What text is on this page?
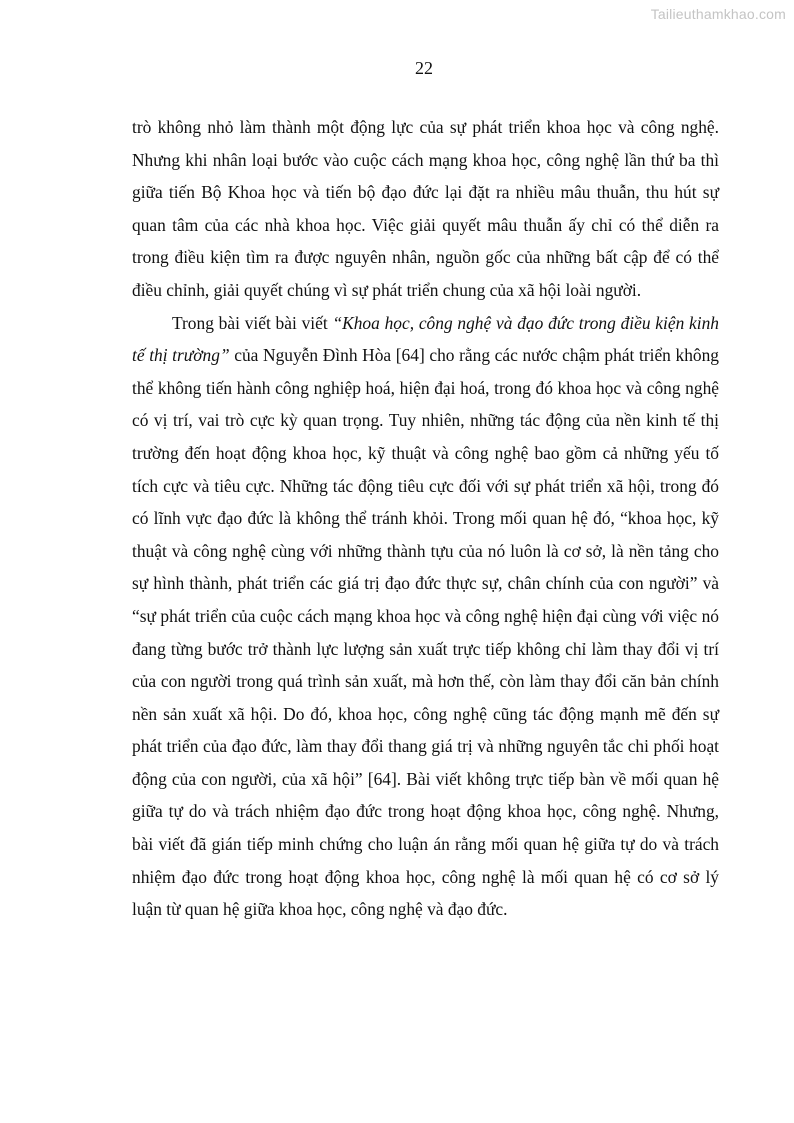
Tailieuthamkhao.com
22

trò không nhỏ làm thành một động lực của sự phát triển khoa học và công nghệ. Nhưng khi nhân loại bước vào cuộc cách mạng khoa học, công nghệ lần thứ ba thì giữa tiến Bộ Khoa học và tiến bộ đạo đức lại đặt ra nhiều mâu thuẫn, thu hút sự quan tâm của các nhà khoa học. Việc giải quyết mâu thuẫn ấy chỉ có thể diễn ra trong điều kiện tìm ra được nguyên nhân, nguồn gốc của những bất cập để có thể điều chỉnh, giải quyết chúng vì sự phát triển chung của xã hội loài người.

Trong bài viết bài viết “Khoa học, công nghệ và đạo đức trong điều kiện kinh tế thị trường” của Nguyễn Đình Hòa [64] cho rằng các nước chậm phát triển không thể không tiến hành công nghiệp hoá, hiện đại hoá, trong đó khoa học và công nghệ có vị trí, vai trò cực kỳ quan trọng. Tuy nhiên, những tác động của nền kinh tế thị trường đến hoạt động khoa học, kỹ thuật và công nghệ bao gồm cả những yếu tố tích cực và tiêu cực. Những tác động tiêu cực đối với sự phát triển xã hội, trong đó có lĩnh vực đạo đức là không thể tránh khỏi. Trong mối quan hệ đó, “khoa học, kỹ thuật và công nghệ cùng với những thành tựu của nó luôn là cơ sở, là nền tảng cho sự hình thành, phát triển các giá trị đạo đức thực sự, chân chính của con người” và “sự phát triển của cuộc cách mạng khoa học và công nghệ hiện đại cùng với việc nó đang từng bước trở thành lực lượng sản xuất trực tiếp không chỉ làm thay đổi vị trí của con người trong quá trình sản xuất, mà hơn thế, còn làm thay đổi căn bản chính nền sản xuất xã hội. Do đó, khoa học, công nghệ cũng tác động mạnh mẽ đến sự phát triển của đạo đức, làm thay đổi thang giá trị và những nguyên tắc chi phối hoạt động của con người, của xã hội” [64]. Bài viết không trực tiếp bàn về mối quan hệ giữa tự do và trách nhiệm đạo đức trong hoạt động khoa học, công nghệ. Nhưng, bài viết đã gián tiếp minh chứng cho luận án rằng mối quan hệ giữa tự do và trách nhiệm đạo đức trong hoạt động khoa học, công nghệ là mối quan hệ có cơ sở lý luận từ quan hệ giữa khoa học, công nghệ và đạo đức.
